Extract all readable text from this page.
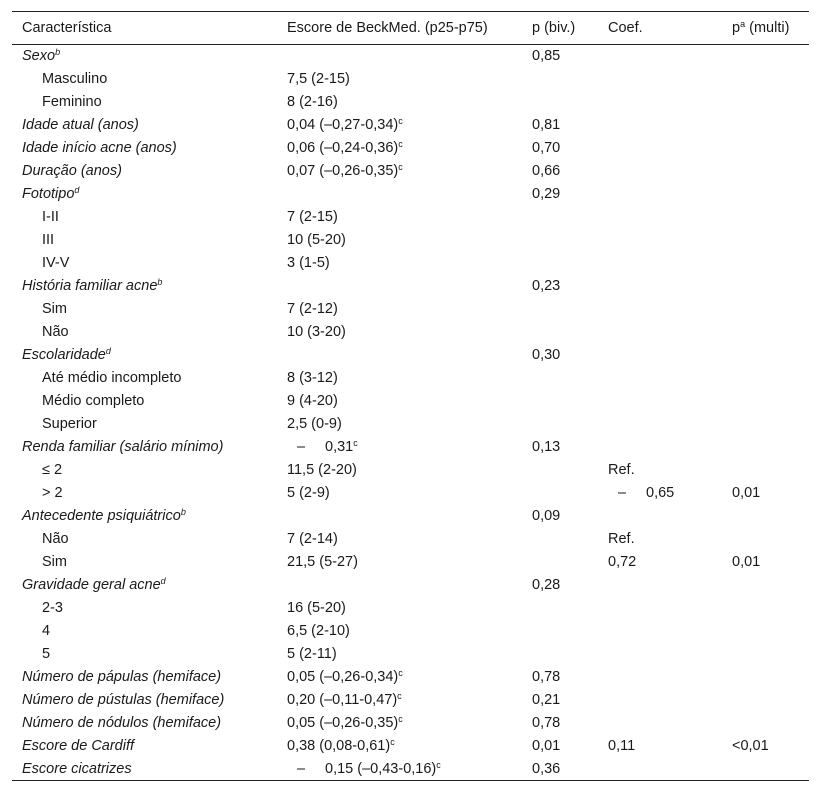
Característica	Escore de BeckMed. (p25-p75)	p (biv.)	Coef.	$p^a$ (multi)
Sexo$^b$		0,85		
Masculino	7,5 (2-15)			
Feminino	8 (2-16)			
Idade atual (anos)	0,04 $(-0,27-0,34)^c$	0,81		
Idade início acne (anos)	0,06 $(-0,24-0,36)^c$	0,70		
Duração (anos)	0,07 $(-0,26-0,35)^c$	0,66		
Fototipo$^d$		0,29		
I-II	7 (2-15)			
III	10 (5-20)			
IV-V	3 (1-5)			
História familiar acne$^b$		0,23		
Sim	7 (2-12)			
Não	10 (3-20)			
Escolaridade$^d$		0,30		
Até médio incompleto	8 (3-12)			
Médio completo	9 (4-20)			
Superior	2,5 (0-9)			
Renda familiar (salário mínimo)	– 0,31$^c$	0,13		
≤ 2	11,5 (2-20)		Ref.	
> 2	5 (2-9)		– 0,65	0,01
Antecedente psiquiátrico$^b$		0,09		
Não	7 (2-14)		Ref.	
Sim	21,5 (5-27)		0,72	0,01
Gravidade geral acne$^d$		0,28		
2-3	16 (5-20)			
4	6,5 (2-10)			
5	5 (2-11)			
Número de pápulas (hemiface)	0,05 $(-0,26-0,34)^c$	0,78		
Número de pústulas (hemiface)	0,20 $(-0,11-0,47)^c$	0,21		
Número de nódulos (hemiface)	0,05 $(-0,26-0,35)^c$	0,78		
Escore de Cardiff	0,38 $(0,08-0,61)^c$	0,01	0,11	<0,01
Escore cicatrizes	– 0,15 $(-0,43-0,16)^c$	0,36		
